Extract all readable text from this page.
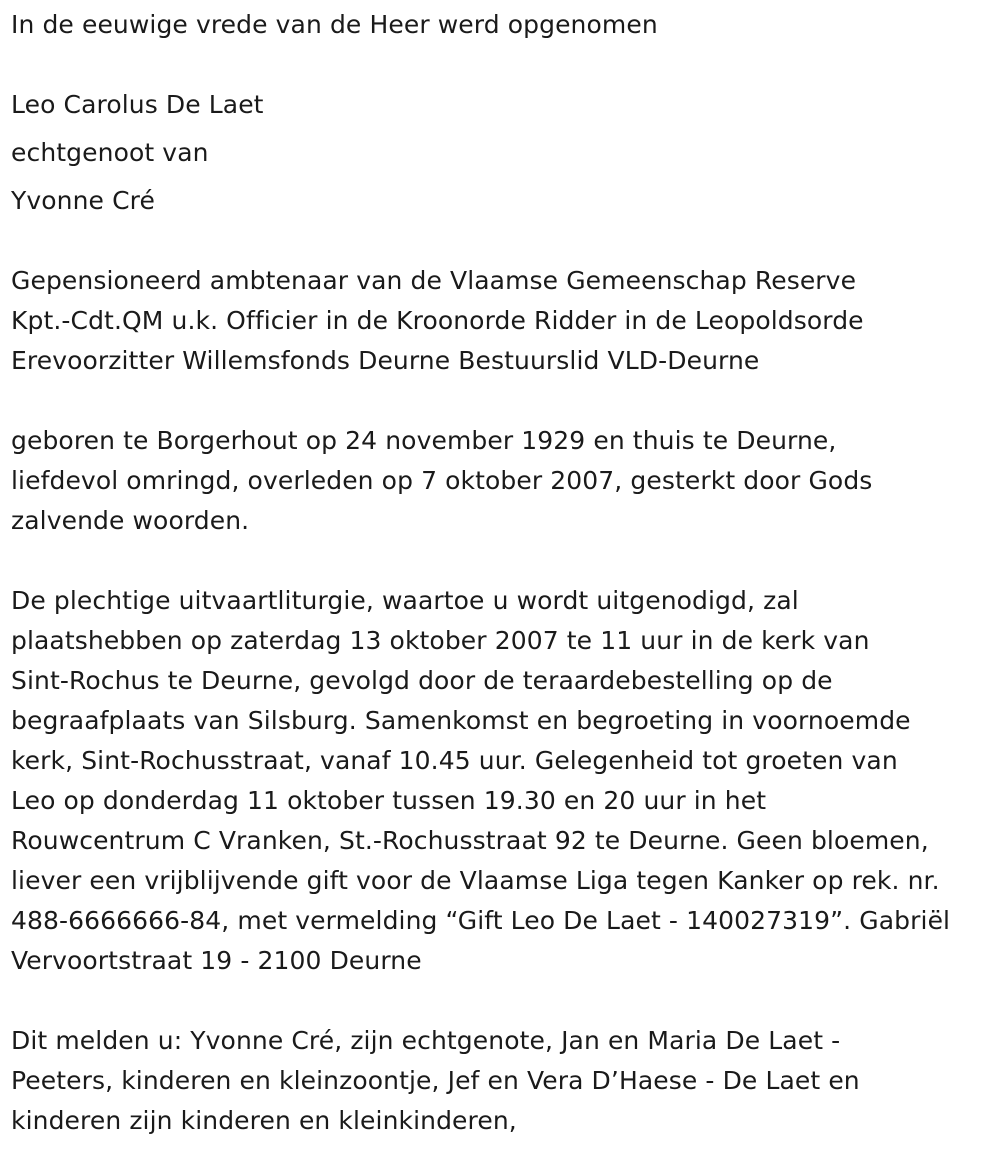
In de eeuwige vrede van de Heer werd opgenomen
Leo Carolus De Laet
echtgenoot van
Yvonne Cré
Gepensioneerd ambtenaar van de Vlaamse Gemeenschap Reserve
Kpt.-Cdt.QM u.k. Officier in de Kroonorde Ridder in de Leopoldsorde
Erevoorzitter Willemsfonds Deurne Bestuurslid VLD-Deurne
geboren te Borgerhout op 24 november 1929 en thuis te Deurne,
liefdevol omringd, overleden op 7 oktober 2007, gesterkt door Gods
zalvende woorden.
De plechtige uitvaartliturgie, waartoe u wordt uitgenodigd, zal
plaatshebben op zaterdag 13 oktober 2007 te 11 uur in de kerk van
Sint-Rochus te Deurne, gevolgd door de teraardebestelling op de
begraafplaats van Silsburg. Samenkomst en begroeting in voornoemde
kerk, Sint-Rochusstraat, vanaf 10.45 uur. Gelegenheid tot groeten van
Leo op donderdag 11 oktober tussen 19.30 en 20 uur in het
Rouwcentrum C Vranken, St.-Rochusstraat 92 te Deurne. Geen bloemen,
liever een vrijblijvende gift voor de Vlaamse Liga tegen Kanker op rek. nr.
488-6666666-84, met vermelding “Gift Leo De Laet - 140027319”. Gabriël
Vervoortstraat 19 - 2100 Deurne
Dit melden u: Yvonne Cré, zijn echtgenote, Jan en Maria De Laet -
Peeters, kinderen en kleinzoontje, Jef en Vera D’Haese - De Laet en
kinderen zijn kinderen en kleinkinderen,
